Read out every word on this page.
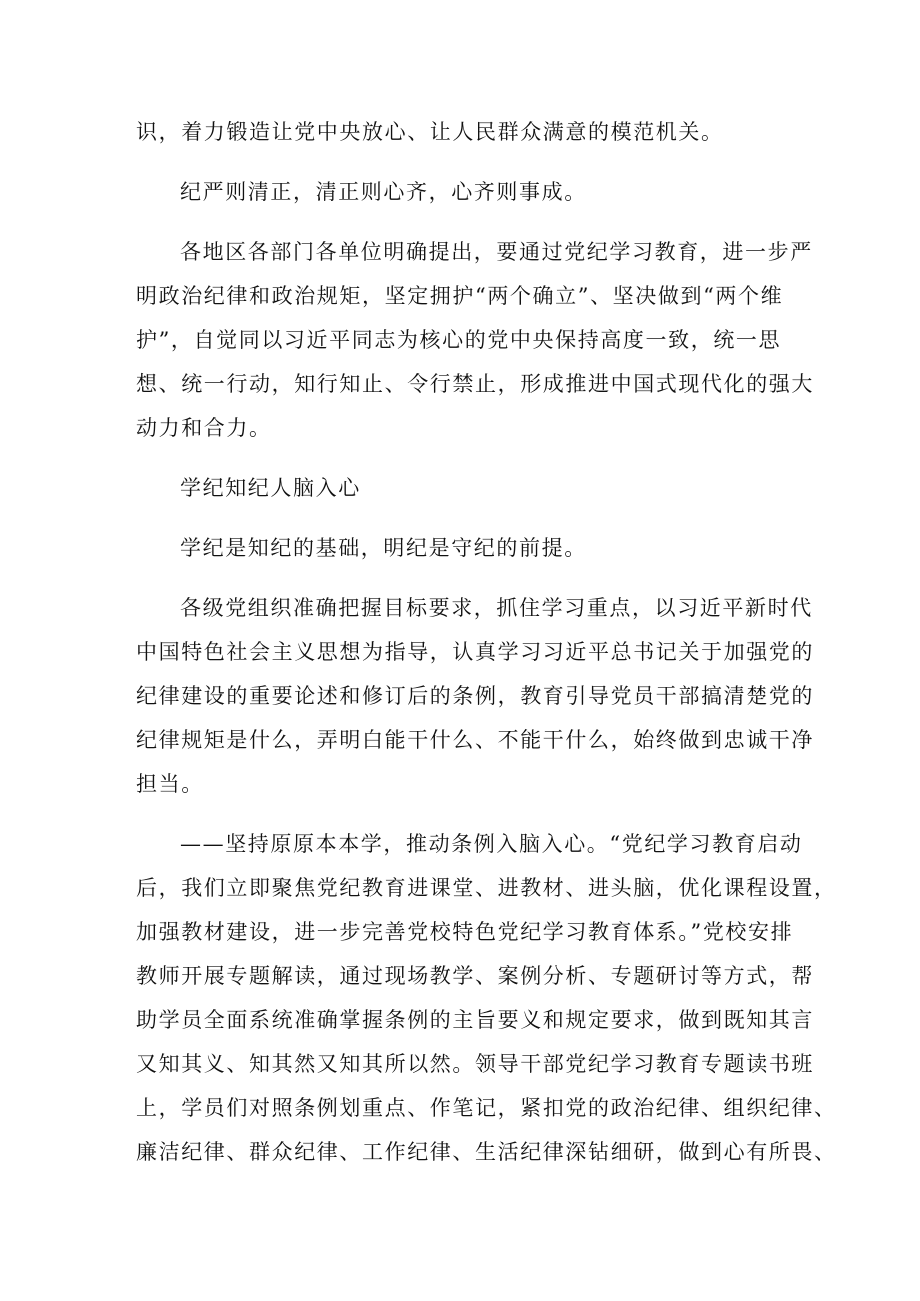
识，着力锻造让党中央放心、让人民群众满意的模范机关。
纪严则清正，清正则心齐，心齐则事成。
各地区各部门各单位明确提出，要通过党纪学习教育，进一步严
明政治纪律和政治规矩，坚定拥护“两个确立”、坚决做到“两个维
护”，自觉同以习近平同志为核心的党中央保持高度一致，统一思
想、统一行动，知行知止、令行禁止，形成推进中国式现代化的强大
动力和合力。
学纪知纪人脑入心
学纪是知纪的基础，明纪是守纪的前提。
各级党组织准确把握目标要求，抓住学习重点，以习近平新时代
中国特色社会主义思想为指导，认真学习习近平总书记关于加强党的
纪律建设的重要论述和修订后的条例，教育引导党员干部搞清楚党的
纪律规矩是什么，弄明白能干什么、不能干什么，始终做到忠诚干净
担当。
——坚持原原本本学，推动条例入脑入心。“党纪学习教育启动
后，我们立即聚焦党纪教育进课堂、进教材、进头脑，优化课程设置，
加强教材建设，进一步完善党校特色党纪学习教育体系。”党校安排
教师开展专题解读，通过现场教学、案例分析、专题研讨等方式，帮
助学员全面系统准确掌握条例的主旨要义和规定要求，做到既知其言
又知其义、知其然又知其所以然。领导干部党纪学习教育专题读书班
上，学员们对照条例划重点、作笔记，紧扣党的政治纪律、组织纪律、
廉洁纪律、群众纪律、工作纪律、生活纪律深钻细研，做到心有所畏、
